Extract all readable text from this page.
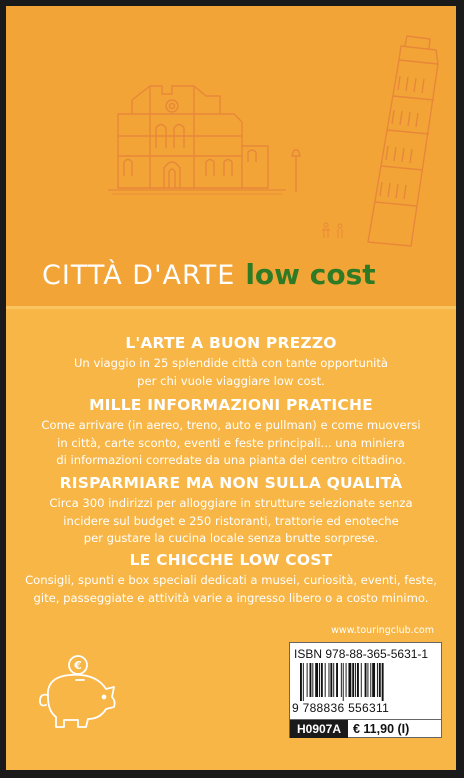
CITTÀ D'ARTE low cost
L'ARTE A BUON PREZZO

Un viaggio in 25 splendide città con tante opportunità
per chi vuole viaggiare low cost.

MILLE INFORMAZIONI PRATICHE

Come arrivare (in aereo, treno, auto e pullman) e come muoversi
in città, carte sconto, eventi e feste principali... una miniera
di informazioni corredate da una pianta del centro cittadino.

RISPARMIARE MA NON SULLA QUALITÀ

Circa 300 indirizzi per alloggiare in strutture selezionate senza
incidere sul budget e 250 ristoranti, trattorie ed enoteche
per gustare la cucina locale senza brutte sorprese.

LE CHICCHE LOW COST

Consigli, spunti e box speciali dedicati a musei, curiosità, eventi, feste,
gite, passeggiate e attività varie a ingresso libero o a costo minimo.

www.touringclub.com
€
ISBN 978-88-365-5631-1
9 788836 556311
H0907A € 11,90 (I)
